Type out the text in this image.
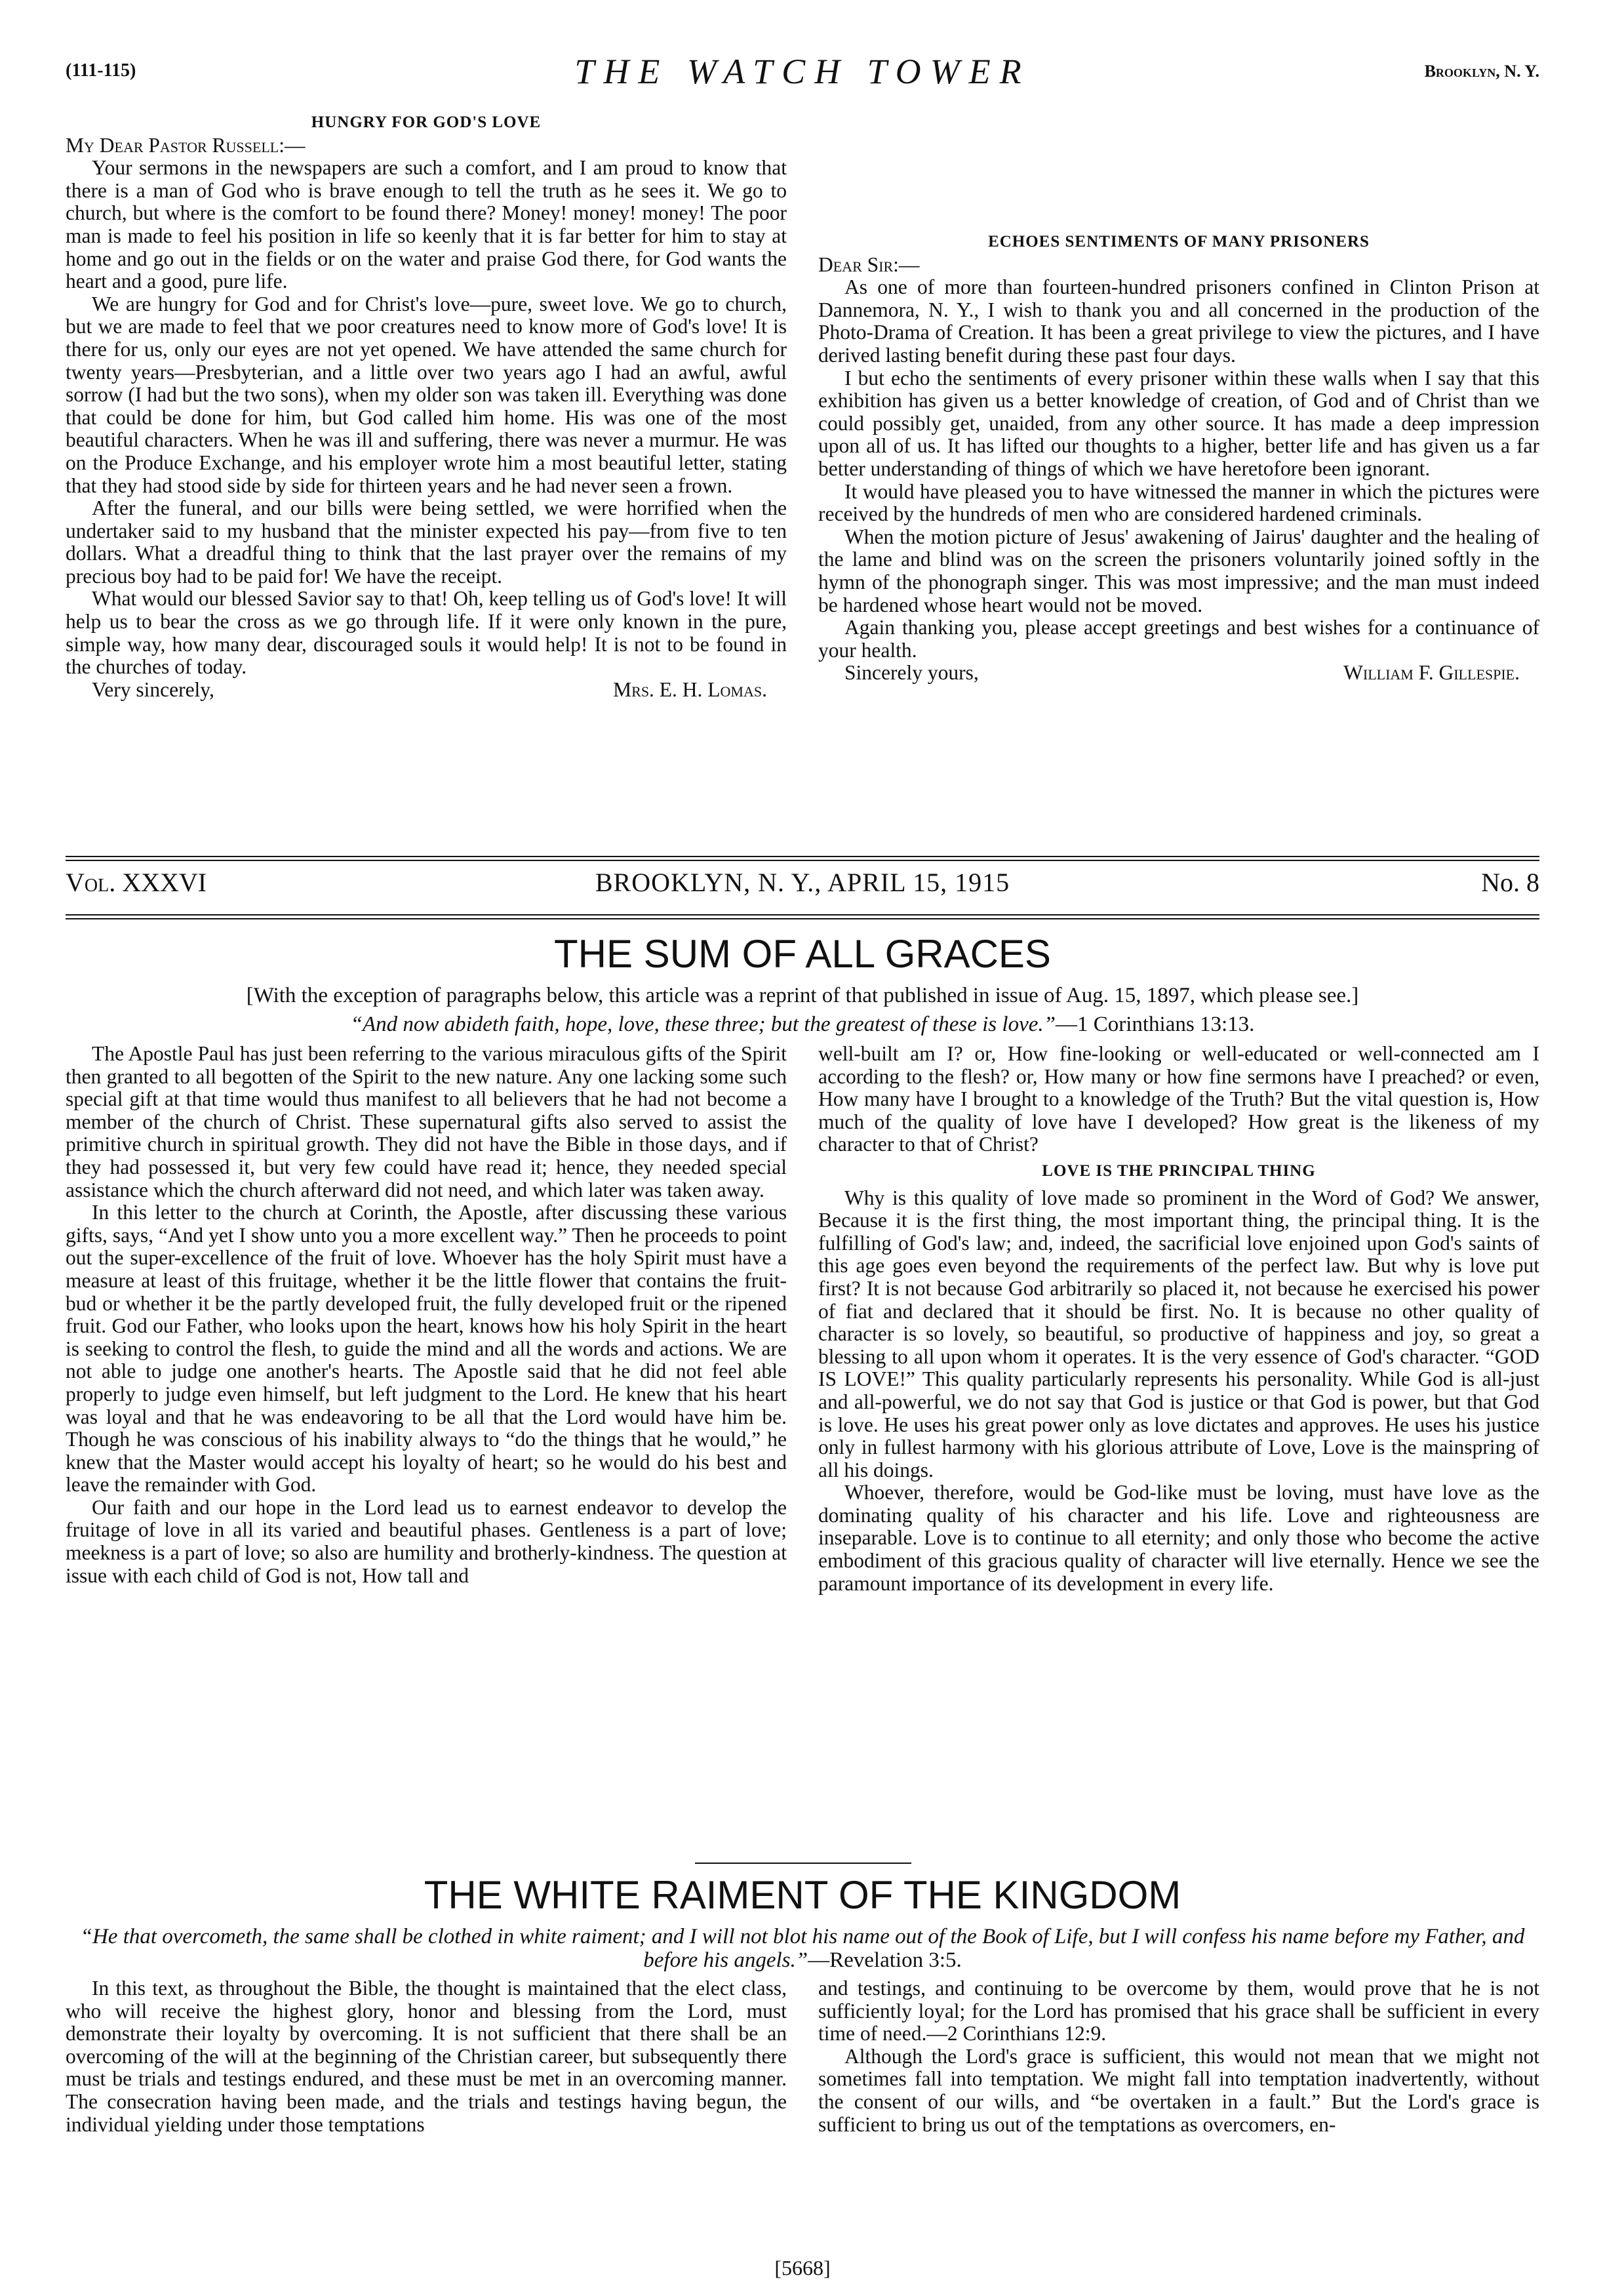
(111-115)	THE WATCH TOWER	Brooklyn, N. Y.

HUNGRY FOR GOD'S LOVE

My Dear Pastor Russell:—

Your sermons in the newspapers are such a comfort, and I am proud to know that there is a man of God who is brave enough to tell the truth as he sees it. We go to church, but where is the comfort to be found there? Money! money! money! The poor man is made to feel his position in life so keenly that it is far better for him to stay at home and go out in the fields or on the water and praise God there, for God wants the heart and a good, pure life.

We are hungry for God and for Christ's love—pure, sweet love. We go to church, but we are made to feel that we poor creatures need to know more of God's love! It is there for us, only our eyes are not yet opened. We have attended the same church for twenty years—Presbyterian, and a little over two years ago I had an awful, awful sorrow (I had but the two sons), when my older son was taken ill. Everything was done that could be done for him, but God called him home. His was one of the most beautiful characters. When he was ill and suffering, there was never a murmur. He was on the Produce Exchange, and his employer wrote him a most beautiful letter, stating that they had stood side by side for thirteen years and he had never seen a frown.

After the funeral, and our bills were being settled, we were horrified when the undertaker said to my husband that the minister expected his pay—from five to ten dollars. What a dreadful thing to think that the last prayer over the remains of my precious boy had to be paid for! We have the receipt.

What would our blessed Savior say to that! Oh, keep telling us of God's love! It will help us to bear the cross as we go through life. If it were only known in the pure, simple way, how many dear, discouraged souls it would help! It is not to be found in the churches of today.

Very sincerely,	Mrs. E. H. Lomas.

ECHOES SENTIMENTS OF MANY PRISONERS

Dear Sir:—

As one of more than fourteen-hundred prisoners confined in Clinton Prison at Dannemora, N. Y., I wish to thank you and all concerned in the production of the Photo-Drama of Creation. It has been a great privilege to view the pictures, and I have derived lasting benefit during these past four days.

I but echo the sentiments of every prisoner within these walls when I say that this exhibition has given us a better knowledge of creation, of God and of Christ than we could possibly get, unaided, from any other source. It has made a deep impression upon all of us. It has lifted our thoughts to a higher, better life and has given us a far better understanding of things of which we have heretofore been ignorant.

It would have pleased you to have witnessed the manner in which the pictures were received by the hundreds of men who are considered hardened criminals.

When the motion picture of Jesus' awakening of Jairus' daughter and the healing of the lame and blind was on the screen the prisoners voluntarily joined softly in the hymn of the phonograph singer. This was most impressive; and the man must indeed be hardened whose heart would not be moved.

Again thanking you, please accept greetings and best wishes for a continuance of your health.

Sincerely yours,	William F. Gillespie.

Vol. XXXVI	BROOKLYN, N. Y., APRIL 15, 1915	No. 8
THE SUM OF ALL GRACES
[With the exception of paragraphs below, this article was a reprint of that published in issue of Aug. 15, 1897, which please see.]
“And now abideth faith, hope, love, these three; but the greatest of these is love.”—1 Corinthians 13:13.

The Apostle Paul has just been referring to the various miraculous gifts of the Spirit then granted to all begotten of the Spirit to the new nature. Any one lacking some such special gift at that time would thus manifest to all believers that he had not become a member of the church of Christ. These supernatural gifts also served to assist the primitive church in spiritual growth. They did not have the Bible in those days, and if they had possessed it, but very few could have read it; hence, they needed special assistance which the church afterward did not need, and which later was taken away.

In this letter to the church at Corinth, the Apostle, after discussing these various gifts, says, “And yet I show unto you a more excellent way.” Then he proceeds to point out the super-excellence of the fruit of love. Whoever has the holy Spirit must have a measure at least of this fruitage, whether it be the little flower that contains the fruit-bud or whether it be the partly developed fruit, the fully developed fruit or the ripened fruit. God our Father, who looks upon the heart, knows how his holy Spirit in the heart is seeking to control the flesh, to guide the mind and all the words and actions. We are not able to judge one another's hearts. The Apostle said that he did not feel able properly to judge even himself, but left judgment to the Lord. He knew that his heart was loyal and that he was endeavoring to be all that the Lord would have him be. Though he was conscious of his inability always to “do the things that he would,” he knew that the Master would accept his loyalty of heart; so he would do his best and leave the remainder with God.

Our faith and our hope in the Lord lead us to earnest endeavor to develop the fruitage of love in all its varied and beautiful phases. Gentleness is a part of love; meekness is a part of love; so also are humility and brotherly-kindness. The question at issue with each child of God is not, How tall and

well-built am I? or, How fine-looking or well-educated or well-connected am I according to the flesh? or, How many or how fine sermons have I preached? or even, How many have I brought to a knowledge of the Truth? But the vital question is, How much of the quality of love have I developed? How great is the likeness of my character to that of Christ?

LOVE IS THE PRINCIPAL THING

Why is this quality of love made so prominent in the Word of God? We answer, Because it is the first thing, the most important thing, the principal thing. It is the fulfilling of God's law; and, indeed, the sacrificial love enjoined upon God's saints of this age goes even beyond the requirements of the perfect law. But why is love put first? It is not because God arbitrarily so placed it, not because he exercised his power of fiat and declared that it should be first. No. It is because no other quality of character is so lovely, so beautiful, so productive of happiness and joy, so great a blessing to all upon whom it operates. It is the very essence of God's character. “GOD IS LOVE!” This quality particularly represents his personality. While God is all-just and all-powerful, we do not say that God is justice or that God is power, but that God is love. He uses his great power only as love dictates and approves. He uses his justice only in fullest harmony with his glorious attribute of Love, Love is the mainspring of all his doings.

Whoever, therefore, would be God-like must be loving, must have love as the dominating quality of his character and his life. Love and righteousness are inseparable. Love is to continue to all eternity; and only those who become the active embodiment of this gracious quality of character will live eternally. Hence we see the paramount importance of its development in every life.

THE WHITE RAIMENT OF THE KINGDOM
“He that overcometh, the same shall be clothed in white raiment; and I will not blot his name out of the Book of Life, but I will confess his name before my Father, and before his angels.”—Revelation 3:5.

In this text, as throughout the Bible, the thought is maintained that the elect class, who will receive the highest glory, honor and blessing from the Lord, must demonstrate their loyalty by overcoming. It is not sufficient that there shall be an overcoming of the will at the beginning of the Christian career, but subsequently there must be trials and testings endured, and these must be met in an overcoming manner. The consecration having been made, and the trials and testings having begun, the individual yielding under those temptations

and testings, and continuing to be overcome by them, would prove that he is not sufficiently loyal; for the Lord has promised that his grace shall be sufficient in every time of need.—2 Corinthians 12:9.

Although the Lord's grace is sufficient, this would not mean that we might not sometimes fall into temptation. We might fall into temptation inadvertently, without the consent of our wills, and “be overtaken in a fault.” But the Lord's grace is sufficient to bring us out of the temptations as overcomers, en-

[5668]
